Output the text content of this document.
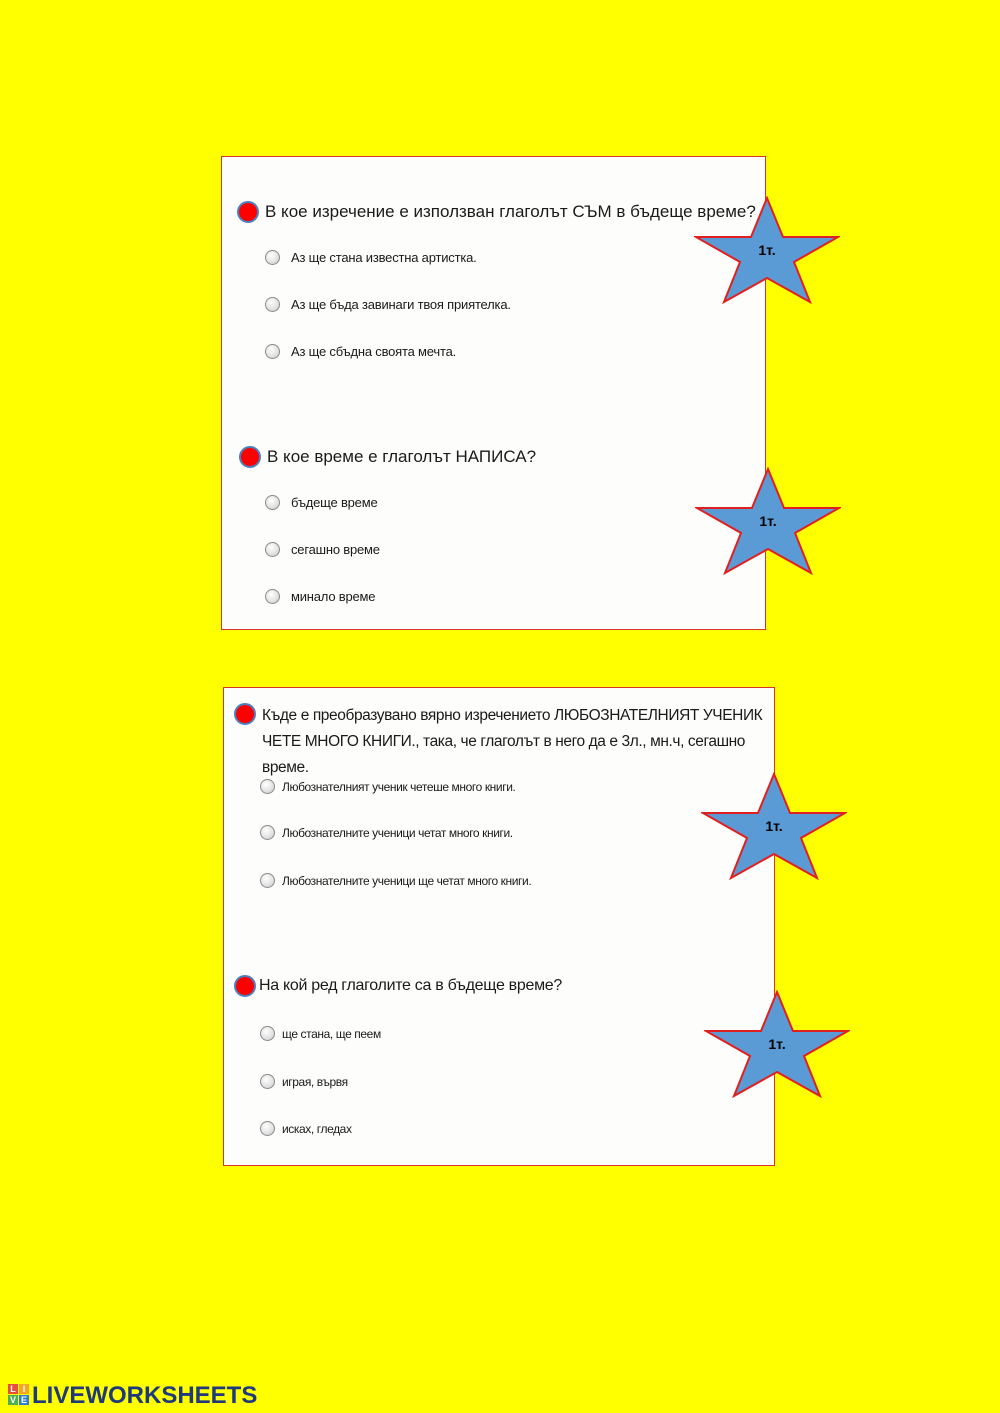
В кое изречение е използван глаголът СЪМ в бъдеще време?
Аз ще стана известна артистка.
Аз ще бъда завинаги твоя приятелка.
Аз ще сбъдна своята мечта.
В кое време е глаголът НАПИСА?
бъдеще време
сегашно време
минало време
Къде е преобразувано вярно изречението ЛЮБОЗНАТЕЛНИЯТ УЧЕНИК ЧЕТЕ МНОГО КНИГИ., така, че глаголът в него да е 3л., мн.ч, сегашно време.
Любознателният ученик четеше много книги.
Любознателните ученици четат много книги.
Любознателните ученици ще четат много книги.
На кой ред глаголите са в бъдеще време?
ще стана, ще пеем
играя, вървя
исках, гледах
1т.
1т.
1т.
1т.
L I
V E LIVEWORKSHEETS
